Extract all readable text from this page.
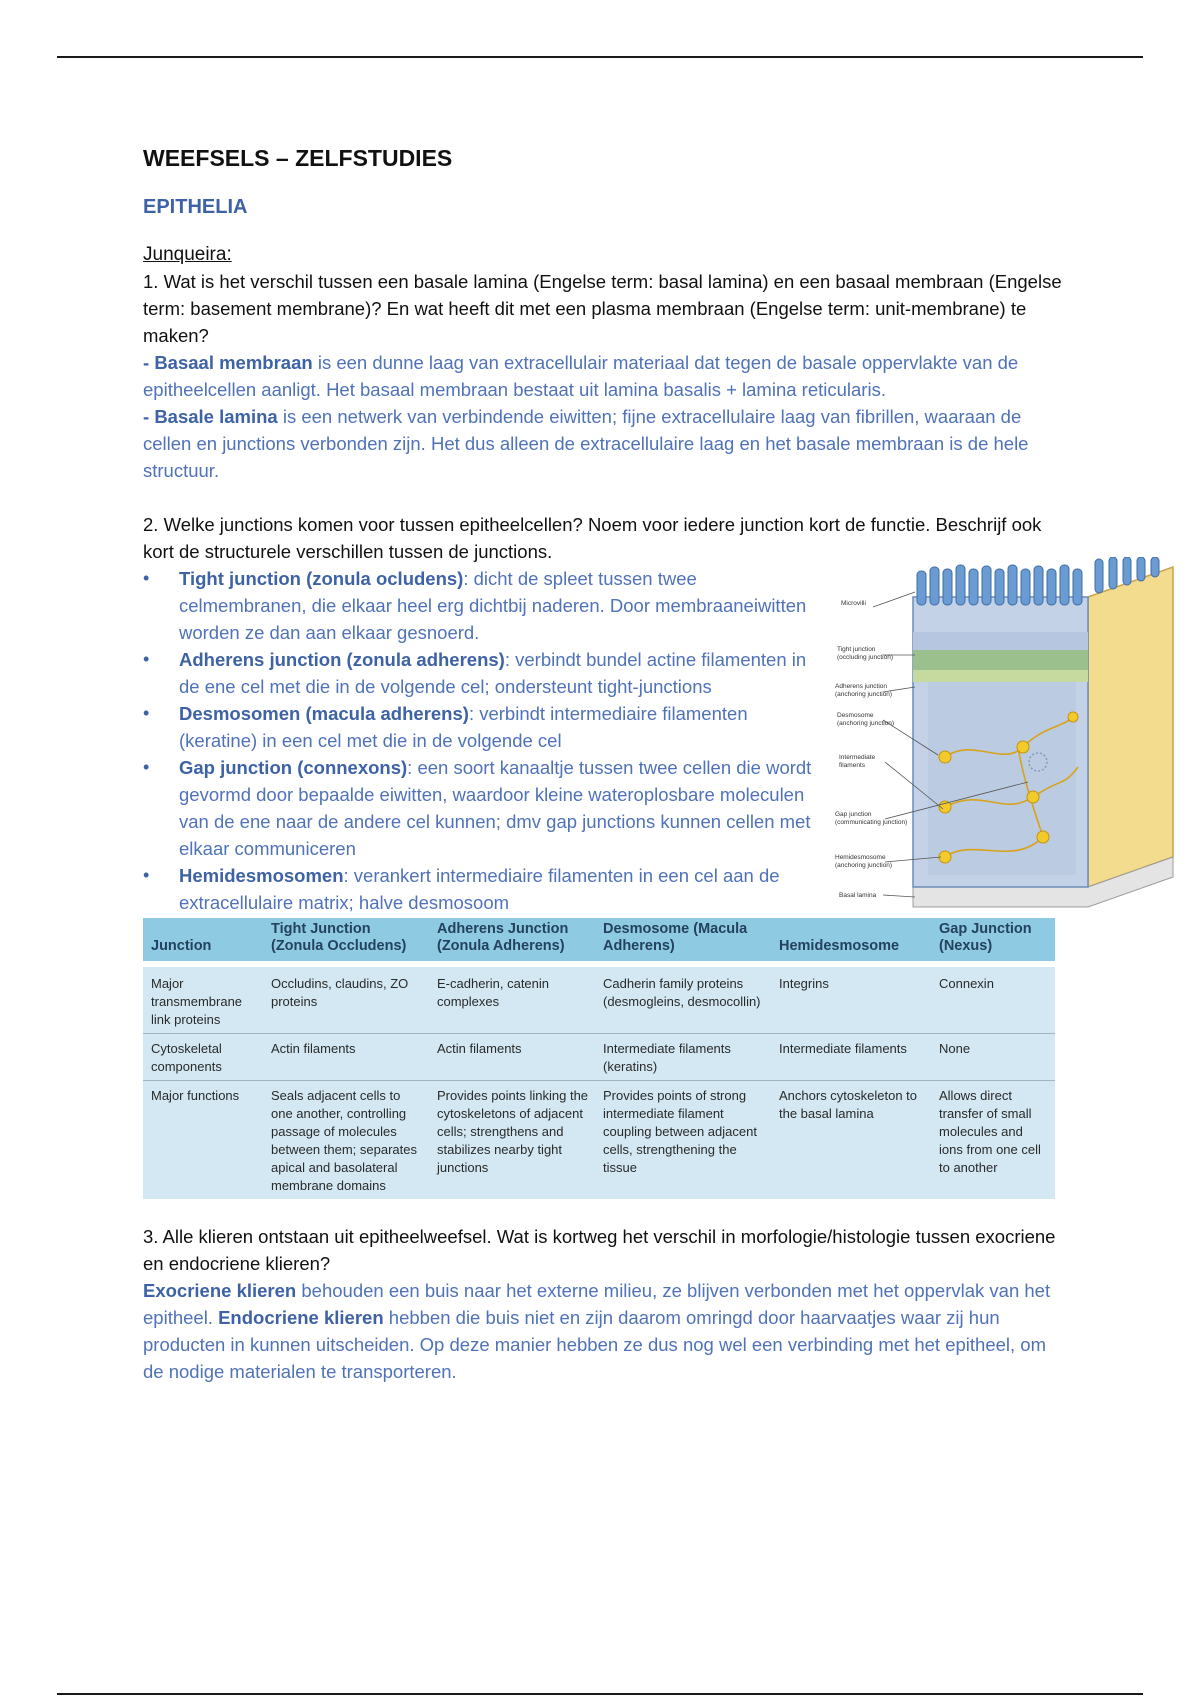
WEEFSELS – ZELFSTUDIES
EPITHELIA

Junqueira:

1. Wat is het verschil tussen een basale lamina (Engelse term: basal lamina) en een basaal membraan (Engelse term: basement membrane)? En wat heeft dit met een plasma membraan (Engelse term: unit-membrane) te maken?

- Basaal membraan is een dunne laag van extracellulair materiaal dat tegen de basale oppervlakte van de epitheelcellen aanligt. Het basaal membraan bestaat uit lamina basalis + lamina reticularis.

- Basale lamina is een netwerk van verbindende eiwitten; fijne extracellulaire laag van fibrillen, waaraan de cellen en junctions verbonden zijn. Het dus alleen de extracellulaire laag en het basale membraan is de hele structuur.

2. Welke junctions komen voor tussen epitheelcellen? Noem voor iedere junction kort de functie. Beschrijf ook kort de structurele verschillen tussen de junctions.

• Tight junction (zonula ocludens): dicht de spleet tussen twee celmembranen, die elkaar heel erg dichtbij naderen. Door membraaneiwitten worden ze dan aan elkaar gesnoerd.
• Adherens junction (zonula adherens): verbindt bundel actine filamenten in de ene cel met die in de volgende cel; ondersteunt tight-junctions
• Desmosomen (macula adherens): verbindt intermediaire filamenten (keratine) in een cel met die in de volgende cel
• Gap junction (connexons): een soort kanaaltje tussen twee cellen die wordt gevormd door bepaalde eiwitten, waardoor kleine wateroplosbare moleculen van de ene naar de andere cel kunnen; dmv gap junctions kunnen cellen met elkaar communiceren
• Hemidesmosomen: verankert intermediaire filamenten in een cel aan de extracellulaire matrix; halve desmosoom
Microvilli
Tight junction
(occluding junction)
Adherens junction
(anchoring junction)
Desmosome
(anchoring junction)
Intermediate
filaments
Gap junction
(communicating junction)
Hemidesmosome
(anchoring junction)
Basal lamina
Junction	Tight Junction (Zonula Occludens)	Adherens Junction (Zonula Adherens)	Desmosome (Macula Adherens)	Hemidesmosome	Gap Junction (Nexus)
Major transmembrane link proteins	Occludins, claudins, ZO proteins	E-cadherin, catenin complexes	Cadherin family proteins (desmogleins, desmocollin)	Integrins	Connexin
Cytoskeletal components	Actin filaments	Actin filaments	Intermediate filaments (keratins)	Intermediate filaments	None
Major functions	Seals adjacent cells to one another, controlling passage of molecules between them; separates apical and basolateral membrane domains	Provides points linking the cytoskeletons of adjacent cells; strengthens and stabilizes nearby tight junctions	Provides points of strong intermediate filament coupling between adjacent cells, strengthening the tissue	Anchors cytoskeleton to the basal lamina	Allows direct transfer of small molecules and ions from one cell to another

3. Alle klieren ontstaan uit epitheelweefsel. Wat is kortweg het verschil in morfologie/histologie tussen exocriene en endocriene klieren?

Exocriene klieren behouden een buis naar het externe milieu, ze blijven verbonden met het oppervlak van het epitheel. Endocriene klieren hebben die buis niet en zijn daarom omringd door haarvaatjes waar zij hun producten in kunnen uitscheiden. Op deze manier hebben ze dus nog wel een verbinding met het epitheel, om de nodige materialen te transporteren.
